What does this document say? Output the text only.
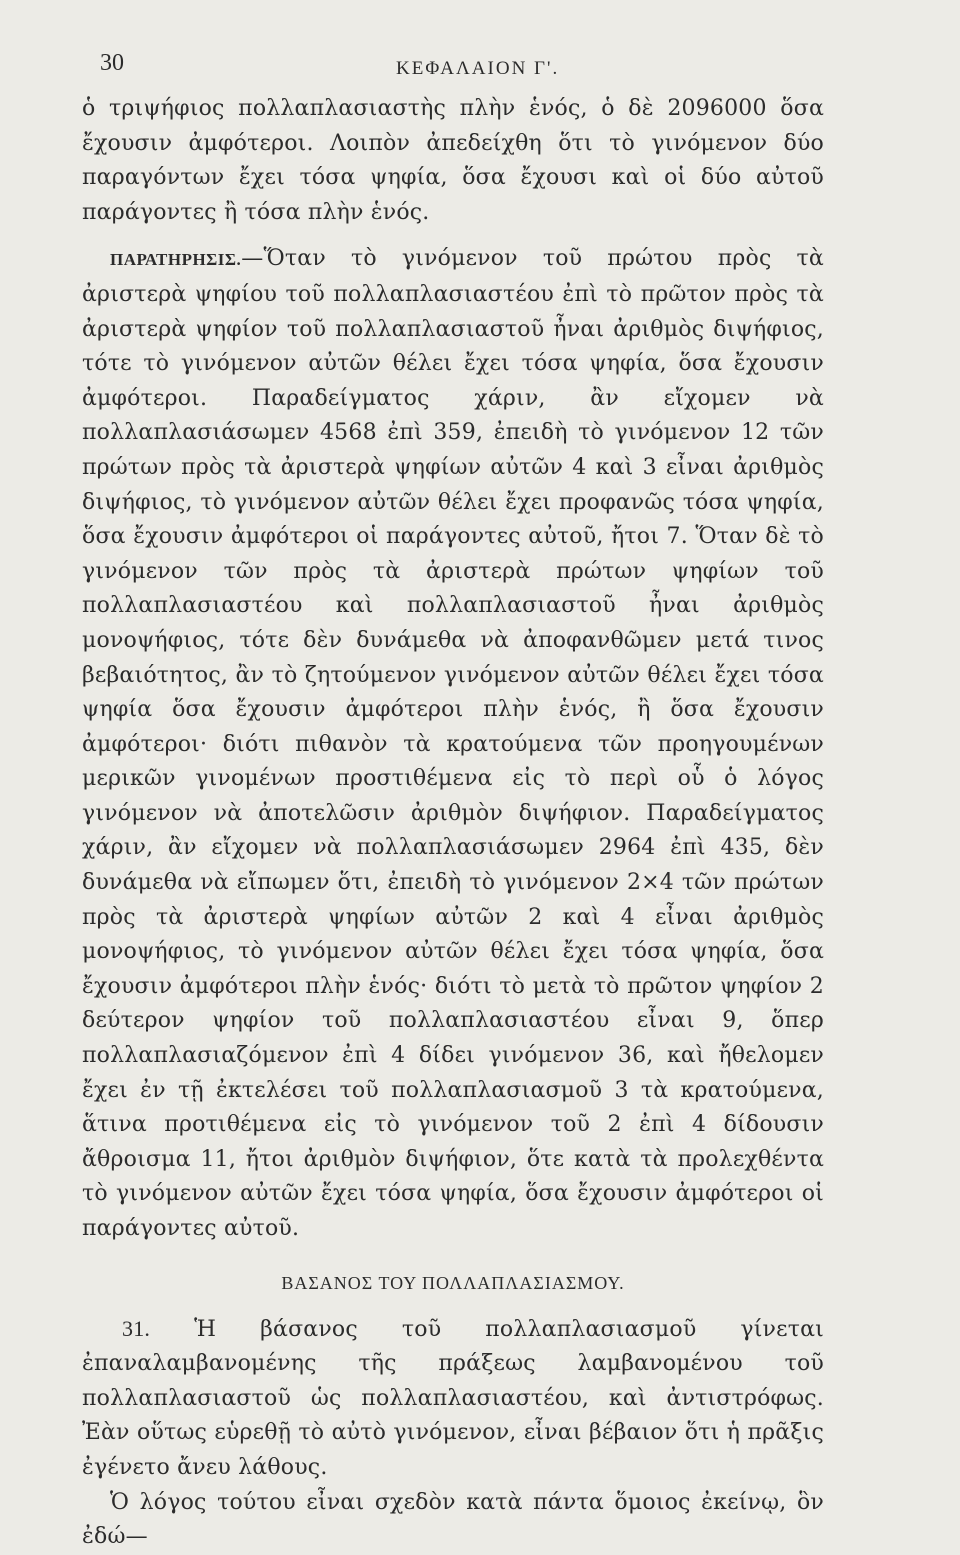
30	ΚΕΦΑΛΑΙΟΝ Γ'.

ὁ τριψήφιος πολλαπλασιαστὴς πλὴν ἑνός, ὁ δὲ 2096000 ὅσα ἔχουσιν ἀμφότεροι. Λοιπὸν ἀπεδείχθη ὅτι τὸ γινόμενον δύο παραγόντων ἔχει τόσα ψηφία, ὅσα ἔχουσι καὶ οἱ δύο αὐτοῦ παράγοντες ἢ τόσα πλὴν ἑνός.

ΠΑΡΑΤΗΡΗΣΙΣ.—Ὅταν τὸ γινόμενον τοῦ πρώτου πρὸς τὰ ἀριστερὰ ψηφίου τοῦ πολλαπλασιαστέου ἐπὶ τὸ πρῶτον πρὸς τὰ ἀριστερὰ ψηφίον τοῦ πολλαπλασιαστοῦ ἦναι ἀριθμὸς διψήφιος, τότε τὸ γινόμενον αὐτῶν θέλει ἔχει τόσα ψηφία, ὅσα ἔχουσιν ἀμφότεροι. Παραδείγματος χάριν, ἂν εἴχομεν νὰ πολλαπλασιάσωμεν 4568 ἐπὶ 359, ἐπειδὴ τὸ γινόμενον 12 τῶν πρώτων πρὸς τὰ ἀριστερὰ ψηφίων αὐτῶν 4 καὶ 3 εἶναι ἀριθμὸς διψήφιος, τὸ γινόμενον αὐτῶν θέλει ἔχει προφανῶς τόσα ψηφία, ὅσα ἔχουσιν ἀμφότεροι οἱ παράγοντες αὐτοῦ, ἤτοι 7. Ὅταν δὲ τὸ γινόμενον τῶν πρὸς τὰ ἀριστερὰ πρώτων ψηφίων τοῦ πολλαπλασιαστέου καὶ πολλαπλασιαστοῦ ἦναι ἀριθμὸς μονοψήφιος, τότε δὲν δυνάμεθα νὰ ἀποφανθῶμεν μετά τινος βεβαιότητος, ἂν τὸ ζητούμενον γινόμενον αὐτῶν θέλει ἔχει τόσα ψηφία ὅσα ἔχουσιν ἀμφότεροι πλὴν ἑνός, ἢ ὅσα ἔχουσιν ἀμφότεροι· διότι πιθανὸν τὰ κρατούμενα τῶν προηγουμένων μερικῶν γινομένων προστιθέμενα εἰς τὸ περὶ οὗ ὁ λόγος γινόμενον νὰ ἀποτελῶσιν ἀριθμὸν διψήφιον. Παραδείγματος χάριν, ἂν εἴχομεν νὰ πολλαπλασιάσωμεν 2964 ἐπὶ 435, δὲν δυνάμεθα νὰ εἴπωμεν ὅτι, ἐπειδὴ τὸ γινόμενον 2×4 τῶν πρώτων πρὸς τὰ ἀριστερὰ ψηφίων αὐτῶν 2 καὶ 4 εἶναι ἀριθμὸς μονοψήφιος, τὸ γινόμενον αὐτῶν θέλει ἔχει τόσα ψηφία, ὅσα ἔχουσιν ἀμφότεροι πλὴν ἑνός· διότι τὸ μετὰ τὸ πρῶτον ψηφίον 2 δεύτερον ψηφίον τοῦ πολλαπλασιαστέου εἶναι 9, ὅπερ πολλαπλασιαζόμενον ἐπὶ 4 δίδει γινόμενον 36, καὶ ἤθελομεν ἔχει ἐν τῇ ἐκτελέσει τοῦ πολλαπλασιασμοῦ 3 τὰ κρατούμενα, ἅτινα προτιθέμενα εἰς τὸ γινόμενον τοῦ 2 ἐπὶ 4 δίδουσιν ἄθροισμα 11, ἤτοι ἀριθμὸν διψήφιον, ὅτε κατὰ τὰ προλεχθέντα τὸ γινόμενον αὐτῶν ἔχει τόσα ψηφία, ὅσα ἔχουσιν ἀμφότεροι οἱ παράγοντες αὐτοῦ.

ΒΑΣΑΝΟΣ ΤΟΥ ΠΟΛΛΑΠΛΑΣΙΑΣΜΟΥ.

31. Ἡ βάσανος τοῦ πολλαπλασιασμοῦ γίνεται ἐπαναλαμβανομένης τῆς πράξεως λαμβανομένου τοῦ πολλαπλασιαστοῦ ὡς πολλαπλασιαστέου, καὶ ἀντιστρόφως. Ἐὰν οὕτως εὑρεθῇ τὸ αὐτὸ γινόμενον, εἶναι βέβαιον ὅτι ἡ πρᾶξις ἐγένετο ἄνευ λάθους.

Ὁ λόγος τούτου εἶναι σχεδὸν κατὰ πάντα ὅμοιος ἐκείνῳ, ὃν ἐδώ—
